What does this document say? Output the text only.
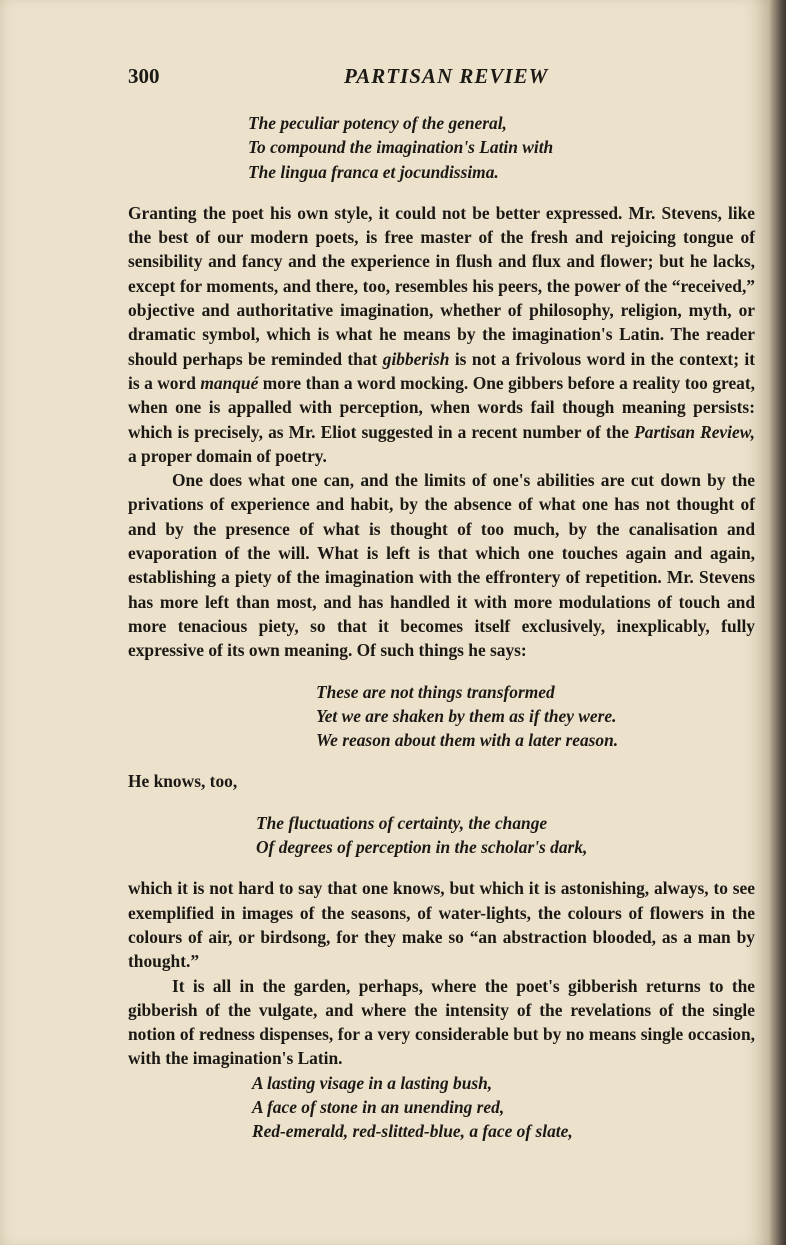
300	PARTISAN REVIEW
The peculiar potency of the general,
To compound the imagination's Latin with
The lingua franca et jocundissima.

Granting the poet his own style, it could not be better expressed. Mr. Stevens, like the best of our modern poets, is free master of the fresh and rejoicing tongue of sensibility and fancy and the experience in flush and flux and flower; but he lacks, except for moments, and there, too, resembles his peers, the power of the “received,” objective and authoritative imagination, whether of philosophy, religion, myth, or dramatic symbol, which is what he means by the imagination's Latin. The reader should perhaps be reminded that gibberish is not a frivolous word in the context; it is a word manqué more than a word mocking. One gibbers before a reality too great, when one is appalled with perception, when words fail though meaning persists: which is precisely, as Mr. Eliot suggested in a recent number of the Partisan Review, a proper domain of poetry.

One does what one can, and the limits of one's abilities are cut down by the privations of experience and habit, by the absence of what one has not thought of and by the presence of what is thought of too much, by the canalisation and evaporation of the will. What is left is that which one touches again and again, establishing a piety of the imagination with the effrontery of repetition. Mr. Stevens has more left than most, and has handled it with more modulations of touch and more tenacious piety, so that it becomes itself exclusively, inexplicably, fully expressive of its own meaning. Of such things he says:

These are not things transformed
Yet we are shaken by them as if they were.
We reason about them with a later reason.

He knows, too,

The fluctuations of certainty, the change
Of degrees of perception in the scholar's dark,

which it is not hard to say that one knows, but which it is astonishing, always, to see exemplified in images of the seasons, of water-lights, the colours of flowers in the colours of air, or birdsong, for they make so “an abstraction blooded, as a man by thought.”

It is all in the garden, perhaps, where the poet's gibberish returns to the gibberish of the vulgate, and where the intensity of the revelations of the single notion of redness dispenses, for a very considerable but by no means single occasion, with the imagination's Latin.

A lasting visage in a lasting bush,
A face of stone in an unending red,
Red-emerald, red-slitted-blue, a face of slate,
